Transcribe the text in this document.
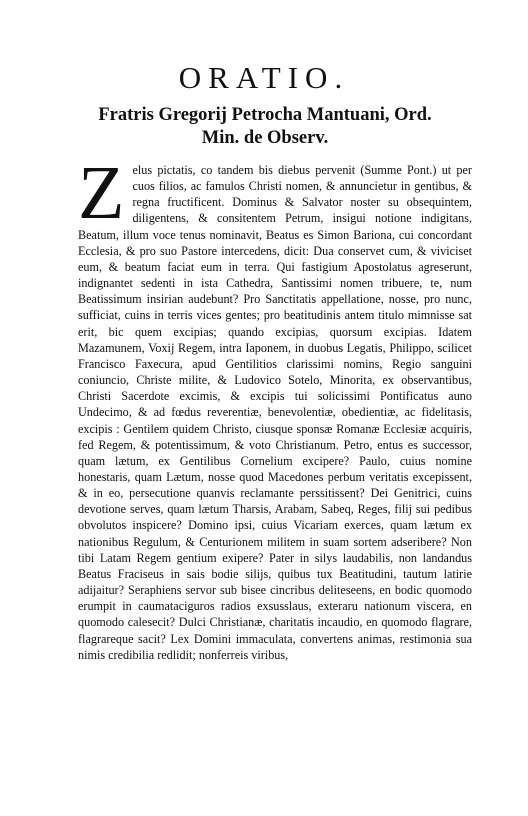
ORATIO.
Fratris Gregorij Petrocha Mantuani, Ord. Min. de Observ.

Zelus pictatis, co tandem bis diebus pervenit (Summe Pont.) ut per cuos filios, ac famulos Christi nomen, & annuncietur in gentibus, & regna fructificent. Dominus & Salvator noster su obsequintem, diligentens, & consitentem Petrum, insigui notione indigitans, Beatum, illum voce tenus nominavit, Beatus es Simon Bariona, cui concordant Ecclesia, & pro suo Pastore intercedens, dicit: Dua conservet cum, & viviciset eum, & beatum faciat eum in terra. Qui fastigium Apostolatus agreserunt, indignantet sedenti in ista Cathedra, Santissimi nomen tribuere, te, num Beatissimum insirian audebunt? Pro Sanctitatis appellatione, nosse, pro nunc, sufficiat, cuins in terris vices gentes; pro beatitudinis antem titulo mimnisse sat erit, bic quem excipias; quando excipias, quorsum excipias. Idatem Mazamunem, Voxij Regem, intra Iaponem, in duobus Legatis, Philippo, scilicet Francisco Faxecura, apud Gentilitios clarissimi nomins, Regio sanguini coniuncio, Christe milite, & Ludovico Sotelo, Minorita, ex observantibus, Christi Sacerdote excimis, & excipis tui solicissimi Pontificatus auno Undecimo, & ad fœdus reverentiæ, benevolentiæ, obedientiæ, ac fidelitasis, excipis : Gentilem quidem Christo, ciusque sponsæ Romanæ Ecclesiæ acquiris, fed Regem, & potentissimum, & voto Christianum. Petro, entus es successor, quam lætum, ex Gentilibus Cornelium excipere? Paulo, cuius nomine honestaris, quam Lætum, nosse quod Macedones perbum veritatis excepissent, & in eo, persecutione quanvis reclamante perssitissent? Dei Genitrici, cuins devotione serves, quam lætum Tharsis, Arabam, Sabeq, Reges, filij sui pedibus obvolutos inspicere? Domino ipsi, cuius Vicariam exerces, quam lætum ex nationibus Regulum, & Centurionem militem in suam sortem adseribere? Non tibi Latam Regem gentium exipere? Pater in silys laudabilis, non landandus Beatus Fraciseus in sais bodie silijs, quibus tux Beatitudini, tautum latirie adijaitur? Seraphiens servor sub bisee cincribus deliteseens, en bodic quomodo erumpit in caumataciguros radios exsusslaus, exteraru nationum viscera, en quomodo calesecit? Dulci Christianæ, charitatis incaudio, en quomodo flagrare, flagrareque sacit? Lex Domini immaculata, convertens animas, restimonia sua nimis credibilia redlidit; nonferreis viribus,
